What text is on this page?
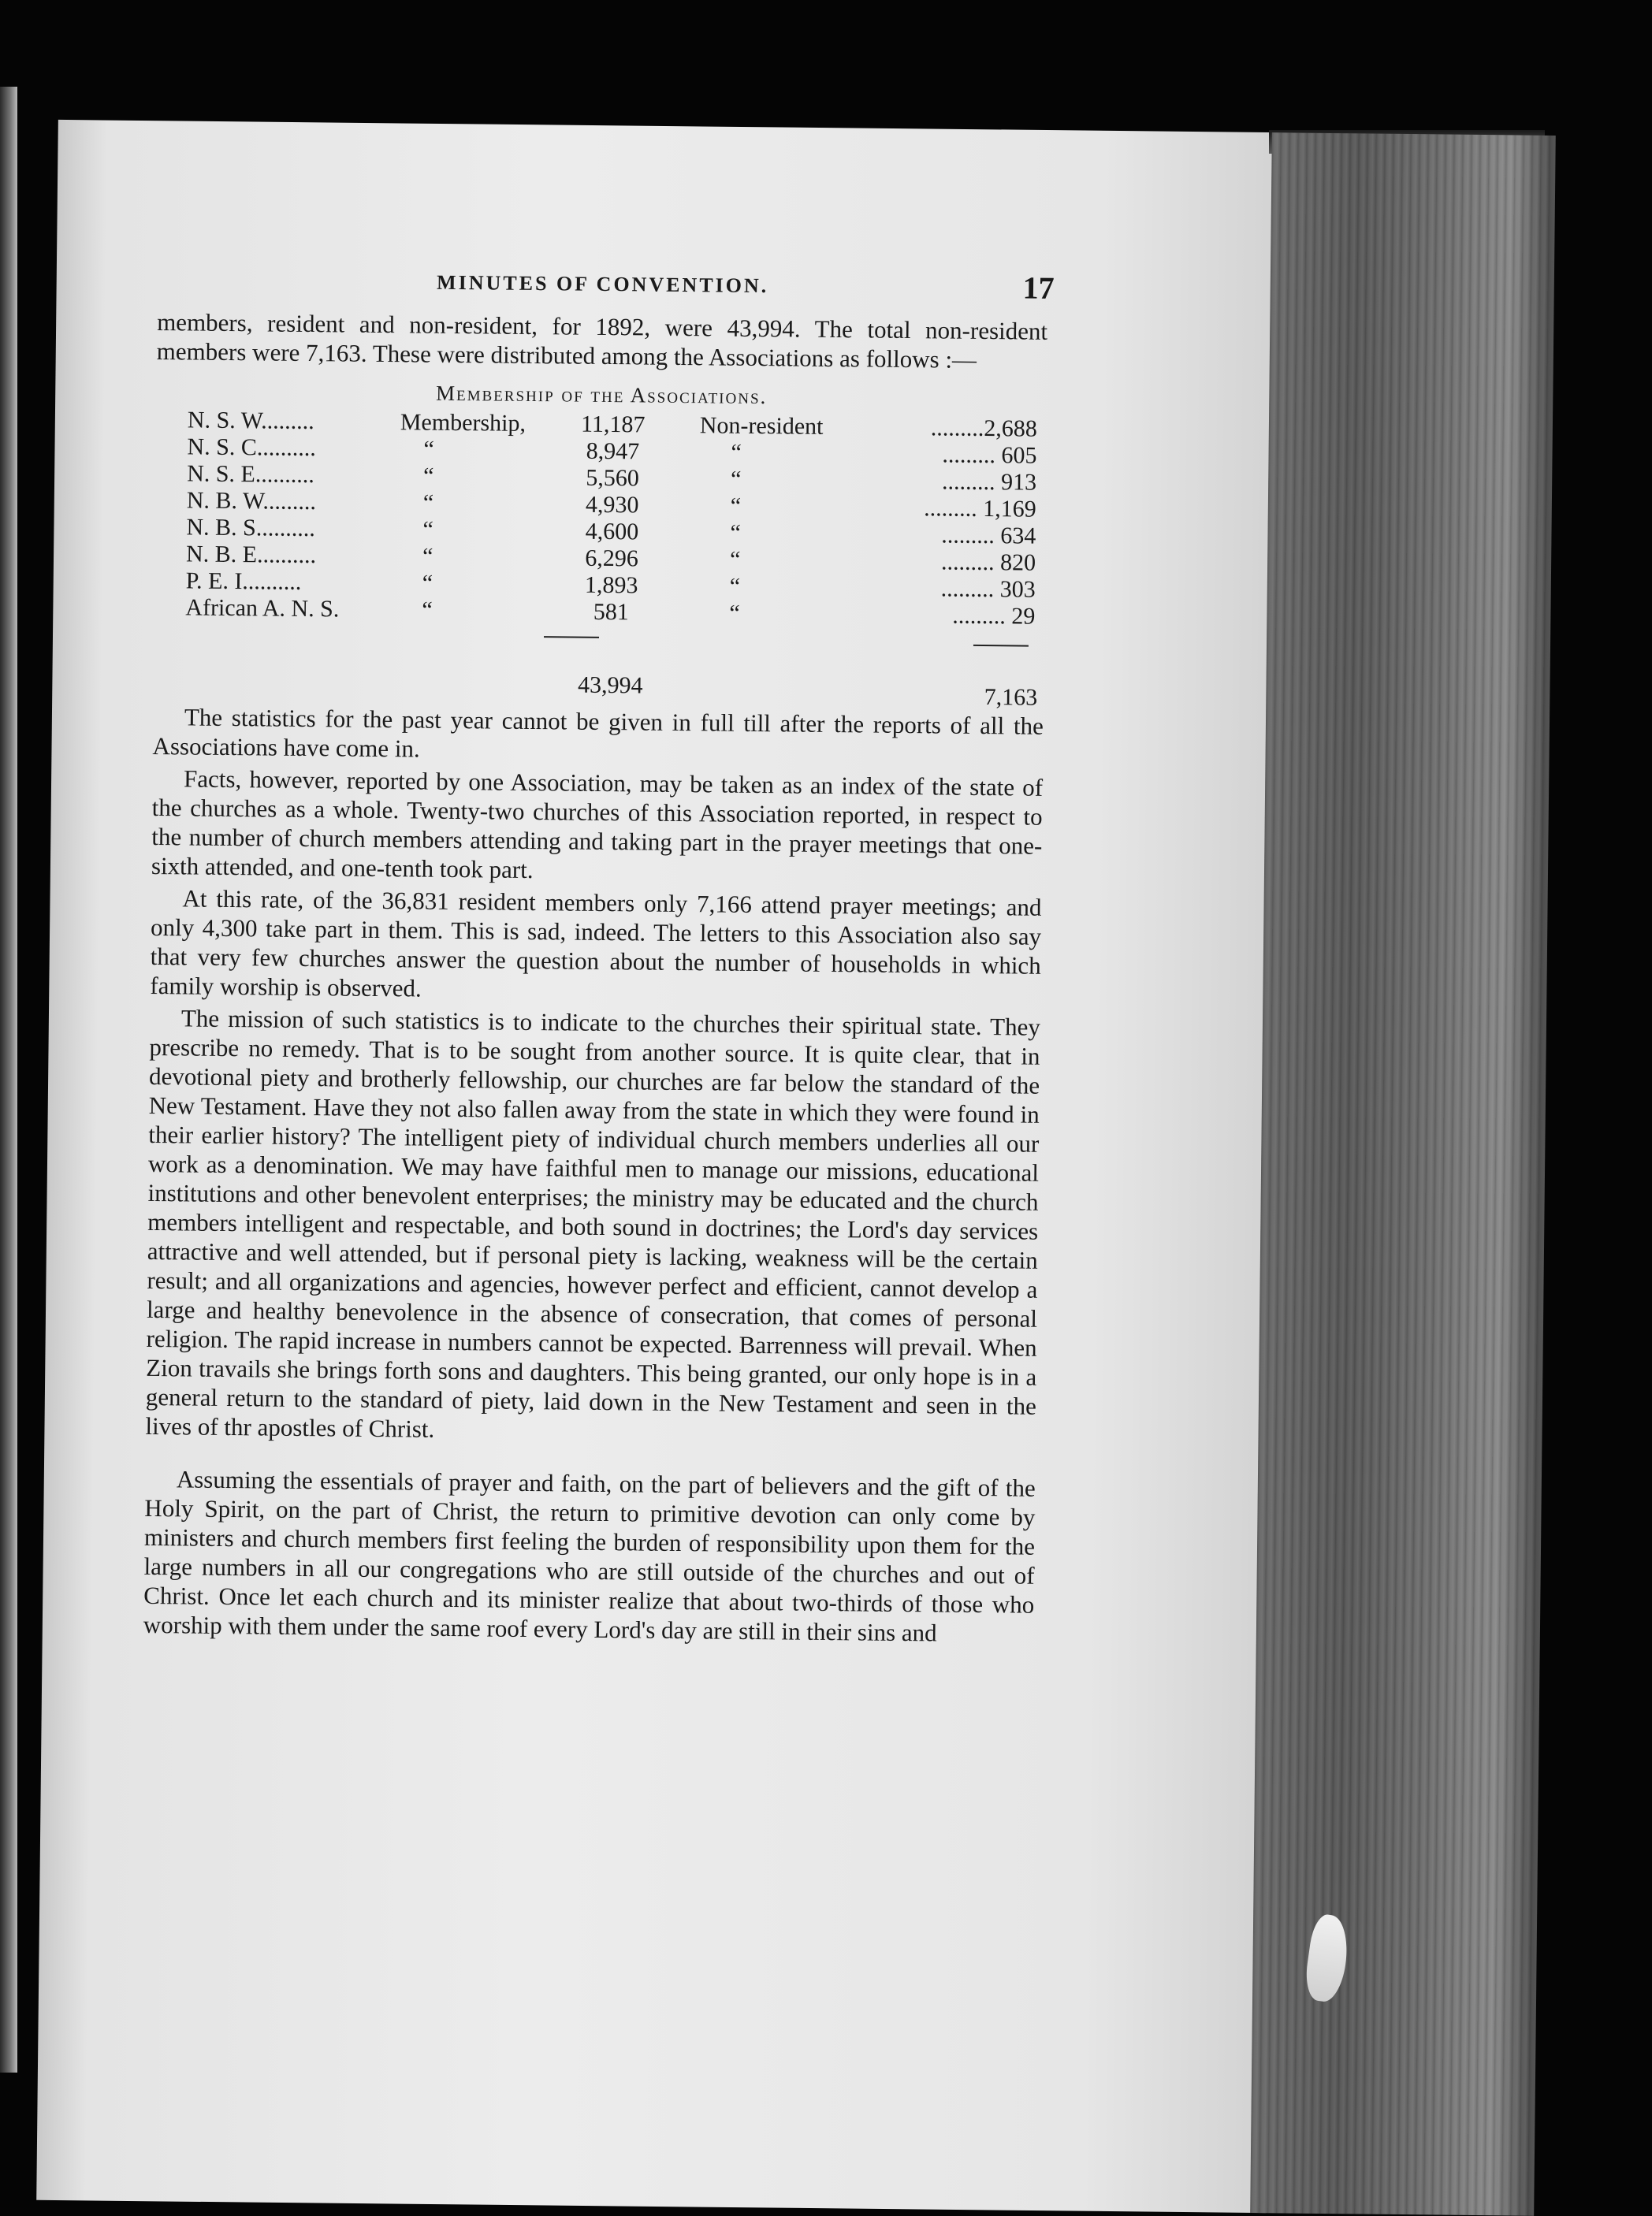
MINUTES OF CONVENTION.	17

members, resident and non-resident, for 1892, were 43,994. The total non-resident members were 7,163. These were distributed among the Associations as follows :—

Membership of the Associations.
N. S. W.........	Membership,	11,187	Non-resident	.........2,688
N. S. C..........	“	8,947	“	......... 605
N. S. E..........	“	5,560	“	......... 913
N. B. W.........	“	4,930	“	......... 1,169
N. B. S..........	“	4,600	“	......... 634
N. B. E..........	“	6,296	“	......... 820
P. E. I..........	“	1,893	“	......... 303
African A. N. S.	“	581	“	......... 29
43,994	7,163

The statistics for the past year cannot be given in full till after the reports of all the Associations have come in.

Facts, however, reported by one Association, may be taken as an index of the state of the churches as a whole. Twenty-two churches of this Association reported, in respect to the number of church members attending and taking part in the prayer meetings that one-sixth attended, and one-tenth took part.

At this rate, of the 36,831 resident members only 7,166 attend prayer meetings; and only 4,300 take part in them. This is sad, indeed. The letters to this Association also say that very few churches answer the question about the number of households in which family worship is observed.

The mission of such statistics is to indicate to the churches their spiritual state. They prescribe no remedy. That is to be sought from another source. It is quite clear, that in devotional piety and brotherly fellowship, our churches are far below the standard of the New Testament. Have they not also fallen away from the state in which they were found in their earlier history? The intelligent piety of individual church members underlies all our work as a denomination. We may have faithful men to manage our missions, educational institutions and other benevolent enterprises; the ministry may be educated and the church members intelligent and respectable, and both sound in doctrines; the Lord's day services attractive and well attended, but if personal piety is lacking, weakness will be the certain result; and all organizations and agencies, however perfect and efficient, cannot develop a large and healthy benevolence in the absence of consecration, that comes of personal religion. The rapid increase in numbers cannot be expected. Barrenness will prevail. When Zion travails she brings forth sons and daughters. This being granted, our only hope is in a general return to the standard of piety, laid down in the New Testament and seen in the lives of thr apostles of Christ.

Assuming the essentials of prayer and faith, on the part of believers and the gift of the Holy Spirit, on the part of Christ, the return to primitive devotion can only come by ministers and church members first feeling the burden of responsibility upon them for the large numbers in all our congregations who are still outside of the churches and out of Christ. Once let each church and its minister realize that about two-thirds of those who worship with them under the same roof every Lord's day are still in their sins and
